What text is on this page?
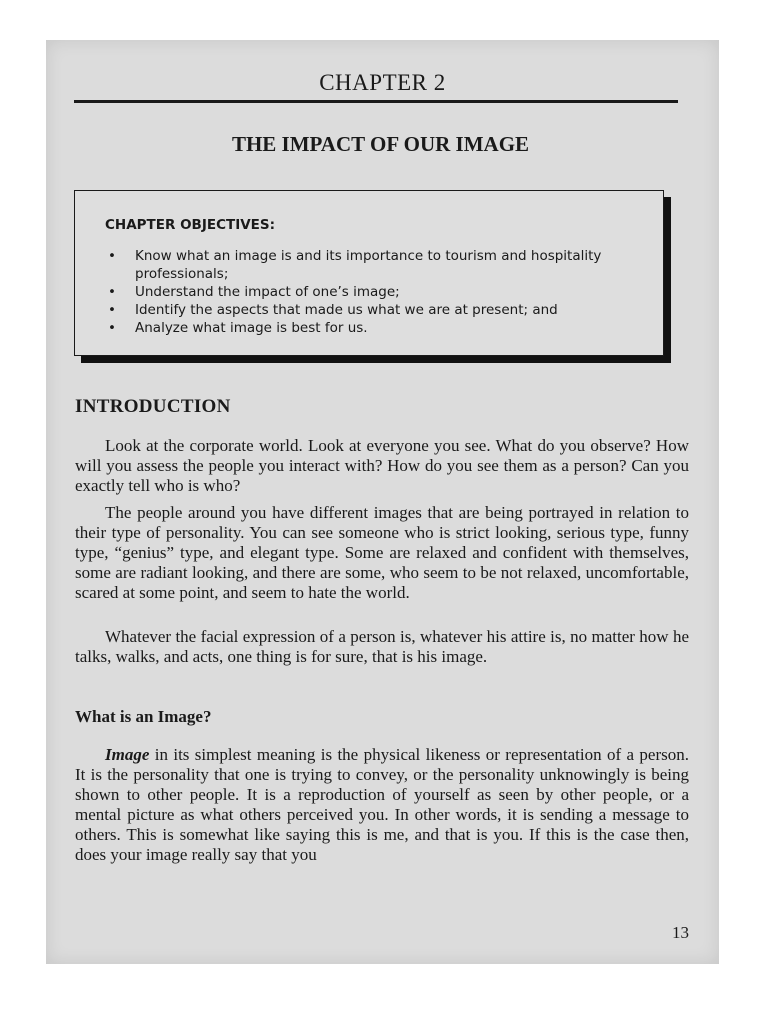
CHAPTER 2
THE IMPACT OF OUR IMAGE
CHAPTER OBJECTIVES:
• Know what an image is and its importance to tourism and hospitality professionals;
• Understand the impact of one’s image;
• Identify the aspects that made us what we are at present; and
• Analyze what image is best for us.
INTRODUCTION

Look at the corporate world. Look at everyone you see. What do you observe? How will you assess the people you interact with? How do you see them as a person? Can you exactly tell who is who?

The people around you have different images that are being portrayed in relation to their type of personality. You can see someone who is strict looking, serious type, funny type, “genius” type, and elegant type. Some are relaxed and confident with themselves, some are radiant looking, and there are some, who seem to be not relaxed, uncomfortable, scared at some point, and seem to hate the world.

Whatever the facial expression of a person is, whatever his attire is, no matter how he talks, walks, and acts, one thing is for sure, that is his image.

What is an Image?

Image in its simplest meaning is the physical likeness or representation of a person. It is the personality that one is trying to convey, or the personality unknowingly is being shown to other people. It is a reproduction of yourself as seen by other people, or a mental picture as what others perceived you. In other words, it is sending a message to others. This is somewhat like saying this is me, and that is you. If this is the case then, does your image really say that you

13
